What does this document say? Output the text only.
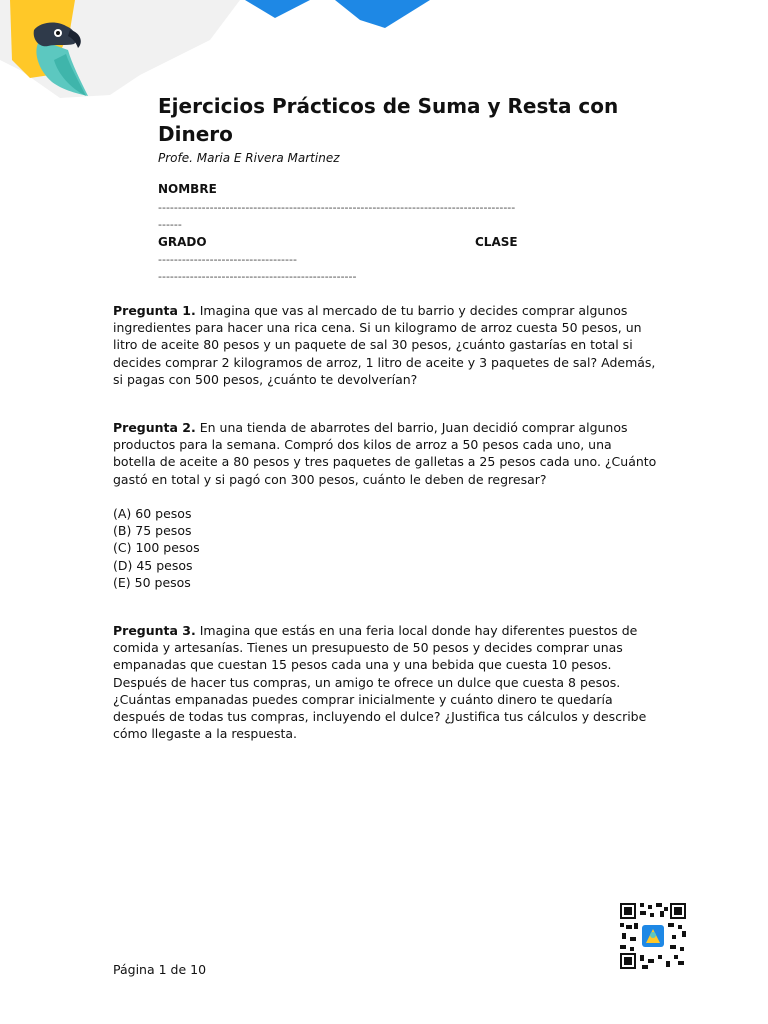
Ejercicios Prácticos de Suma y Resta con Dinero
Profe. Maria E Rivera Martinez
NOMBRE
------------------------------------------------------------------------------------------
------
GRADO	CLASE
-----------------------------------
--------------------------------------------------

Pregunta 1. Imagina que vas al mercado de tu barrio y decides comprar algunos ingredientes para hacer una rica cena. Si un kilogramo de arroz cuesta 50 pesos, un litro de aceite 80 pesos y un paquete de sal 30 pesos, ¿cuánto gastarías en total si decides comprar 2 kilogramos de arroz, 1 litro de aceite y 3 paquetes de sal? Además, si pagas con 500 pesos, ¿cuánto te devolverían?

Pregunta 2. En una tienda de abarrotes del barrio, Juan decidió comprar algunos productos para la semana. Compró dos kilos de arroz a 50 pesos cada uno, una botella de aceite a 80 pesos y tres paquetes de galletas a 25 pesos cada uno. ¿Cuánto gastó en total y si pagó con 300 pesos, cuánto le deben de regresar?

(A) 60 pesos
(B) 75 pesos
(C) 100 pesos
(D) 45 pesos
(E) 50 pesos

Pregunta 3. Imagina que estás en una feria local donde hay diferentes puestos de comida y artesanías. Tienes un presupuesto de 50 pesos y decides comprar unas empanadas que cuestan 15 pesos cada una y una bebida que cuesta 10 pesos. Después de hacer tus compras, un amigo te ofrece un dulce que cuesta 8 pesos. ¿Cuántas empanadas puedes comprar inicialmente y cuánto dinero te quedaría después de todas tus compras, incluyendo el dulce? ¿Justifica tus cálculos y describe cómo llegaste a la respuesta.

Página 1 de 10
